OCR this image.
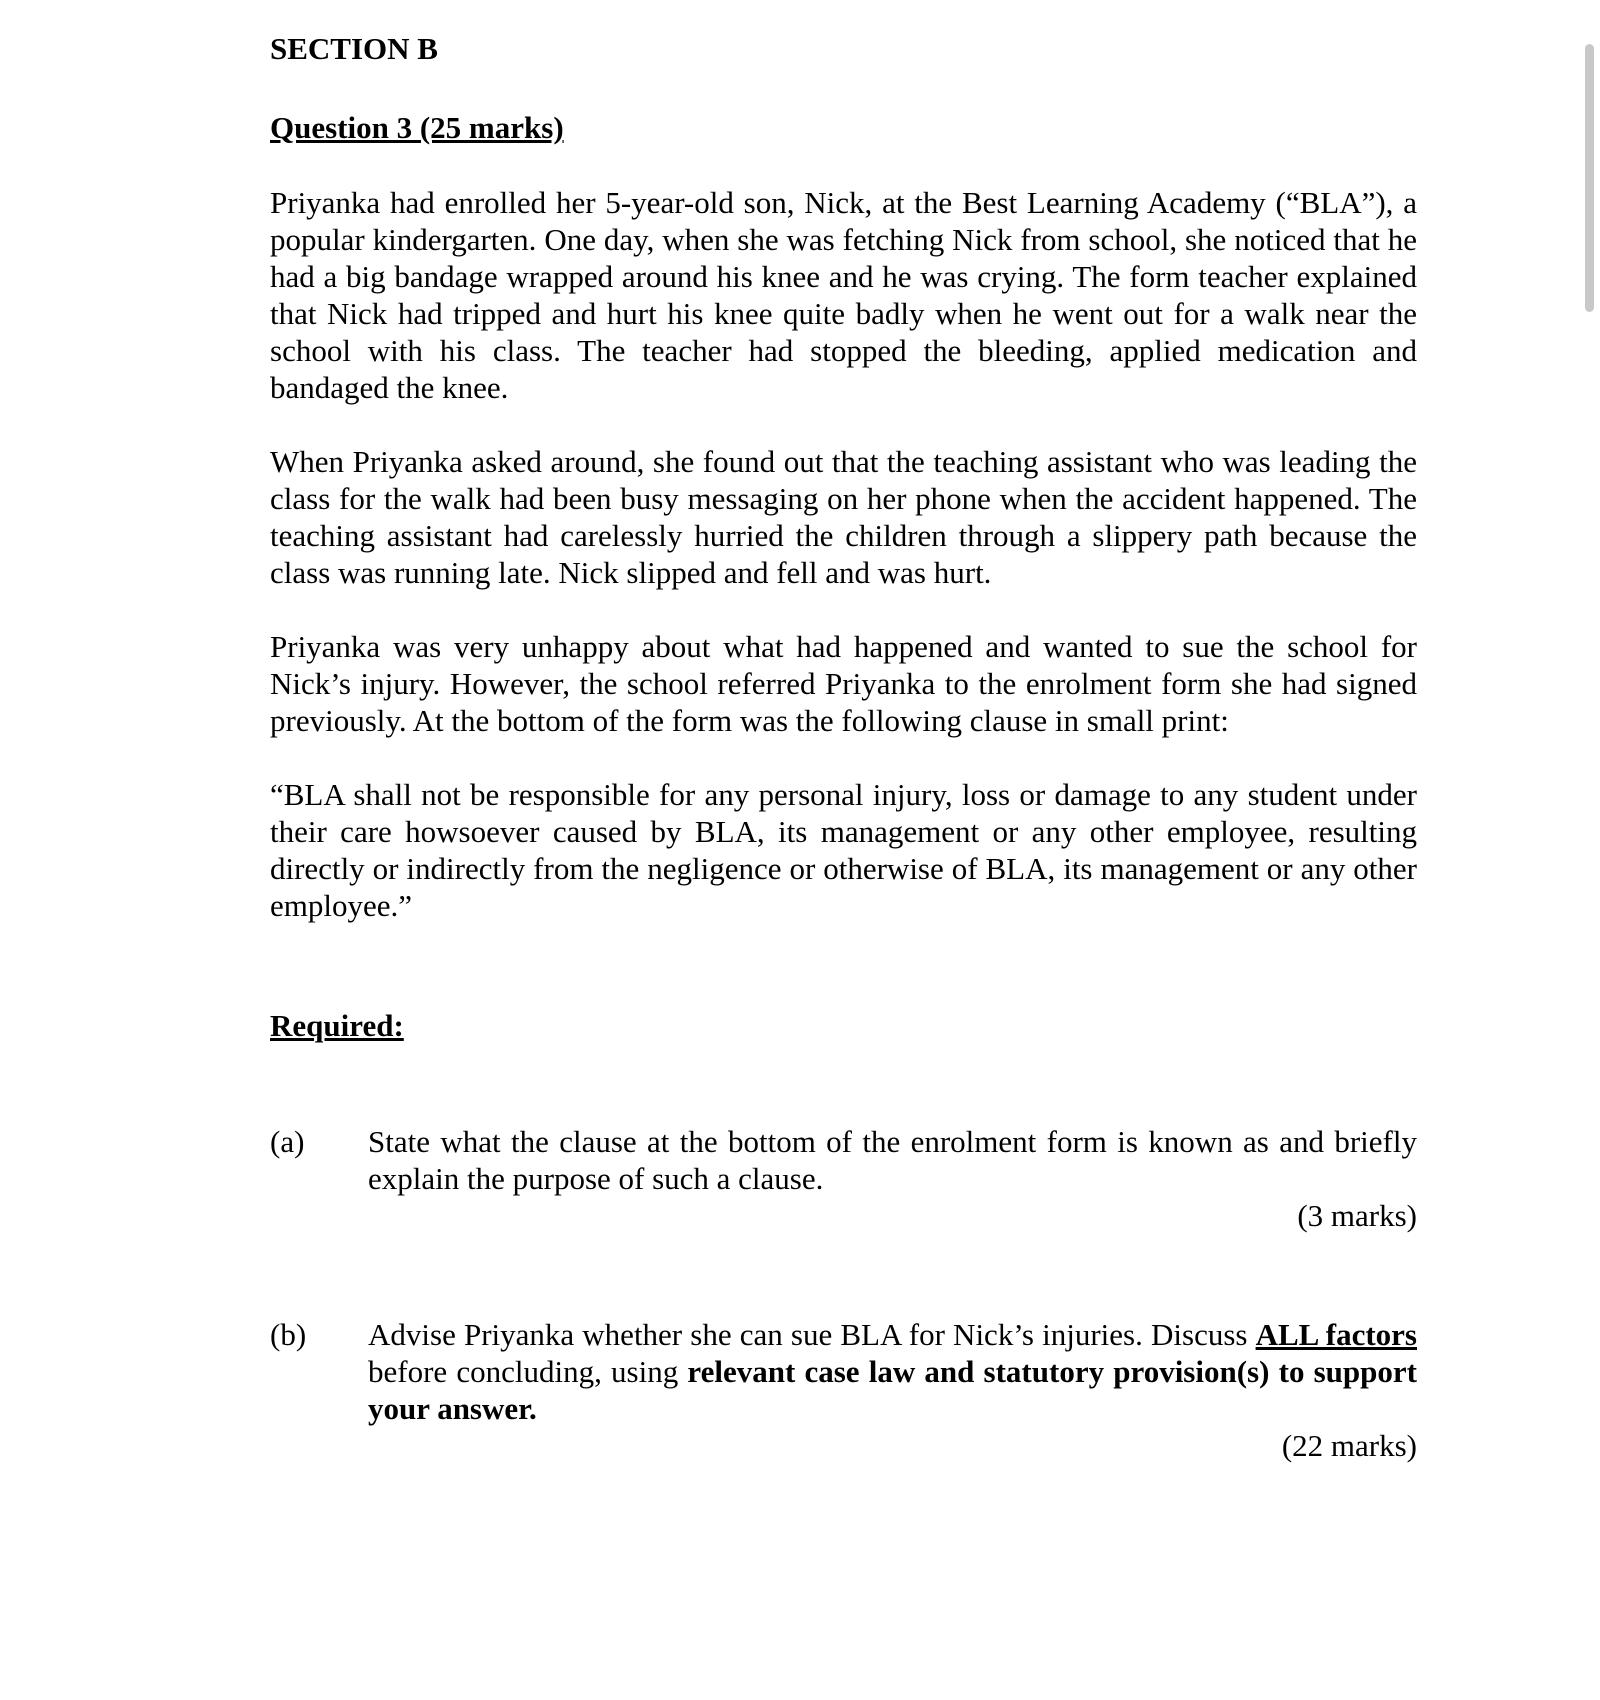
SECTION B

Question 3 (25 marks)

Priyanka had enrolled her 5-year-old son, Nick, at the Best Learning Academy (“BLA”), a popular kindergarten. One day, when she was fetching Nick from school, she noticed that he had a big bandage wrapped around his knee and he was crying. The form teacher explained that Nick had tripped and hurt his knee quite badly when he went out for a walk near the school with his class. The teacher had stopped the bleeding, applied medication and bandaged the knee.

When Priyanka asked around, she found out that the teaching assistant who was leading the class for the walk had been busy messaging on her phone when the accident happened. The teaching assistant had carelessly hurried the children through a slippery path because the class was running late. Nick slipped and fell and was hurt.

Priyanka was very unhappy about what had happened and wanted to sue the school for Nick’s injury. However, the school referred Priyanka to the enrolment form she had signed previously. At the bottom of the form was the following clause in small print:

“BLA shall not be responsible for any personal injury, loss or damage to any student under their care howsoever caused by BLA, its management or any other employee, resulting directly or indirectly from the negligence or otherwise of BLA, its management or any other employee.”

Required:

(a) State what the clause at the bottom of the enrolment form is known as and briefly explain the purpose of such a clause.
(3 marks)
(b) Advise Priyanka whether she can sue BLA for Nick’s injuries. Discuss ALL factors before concluding, using relevant case law and statutory provision(s) to support your answer.
(22 marks)
